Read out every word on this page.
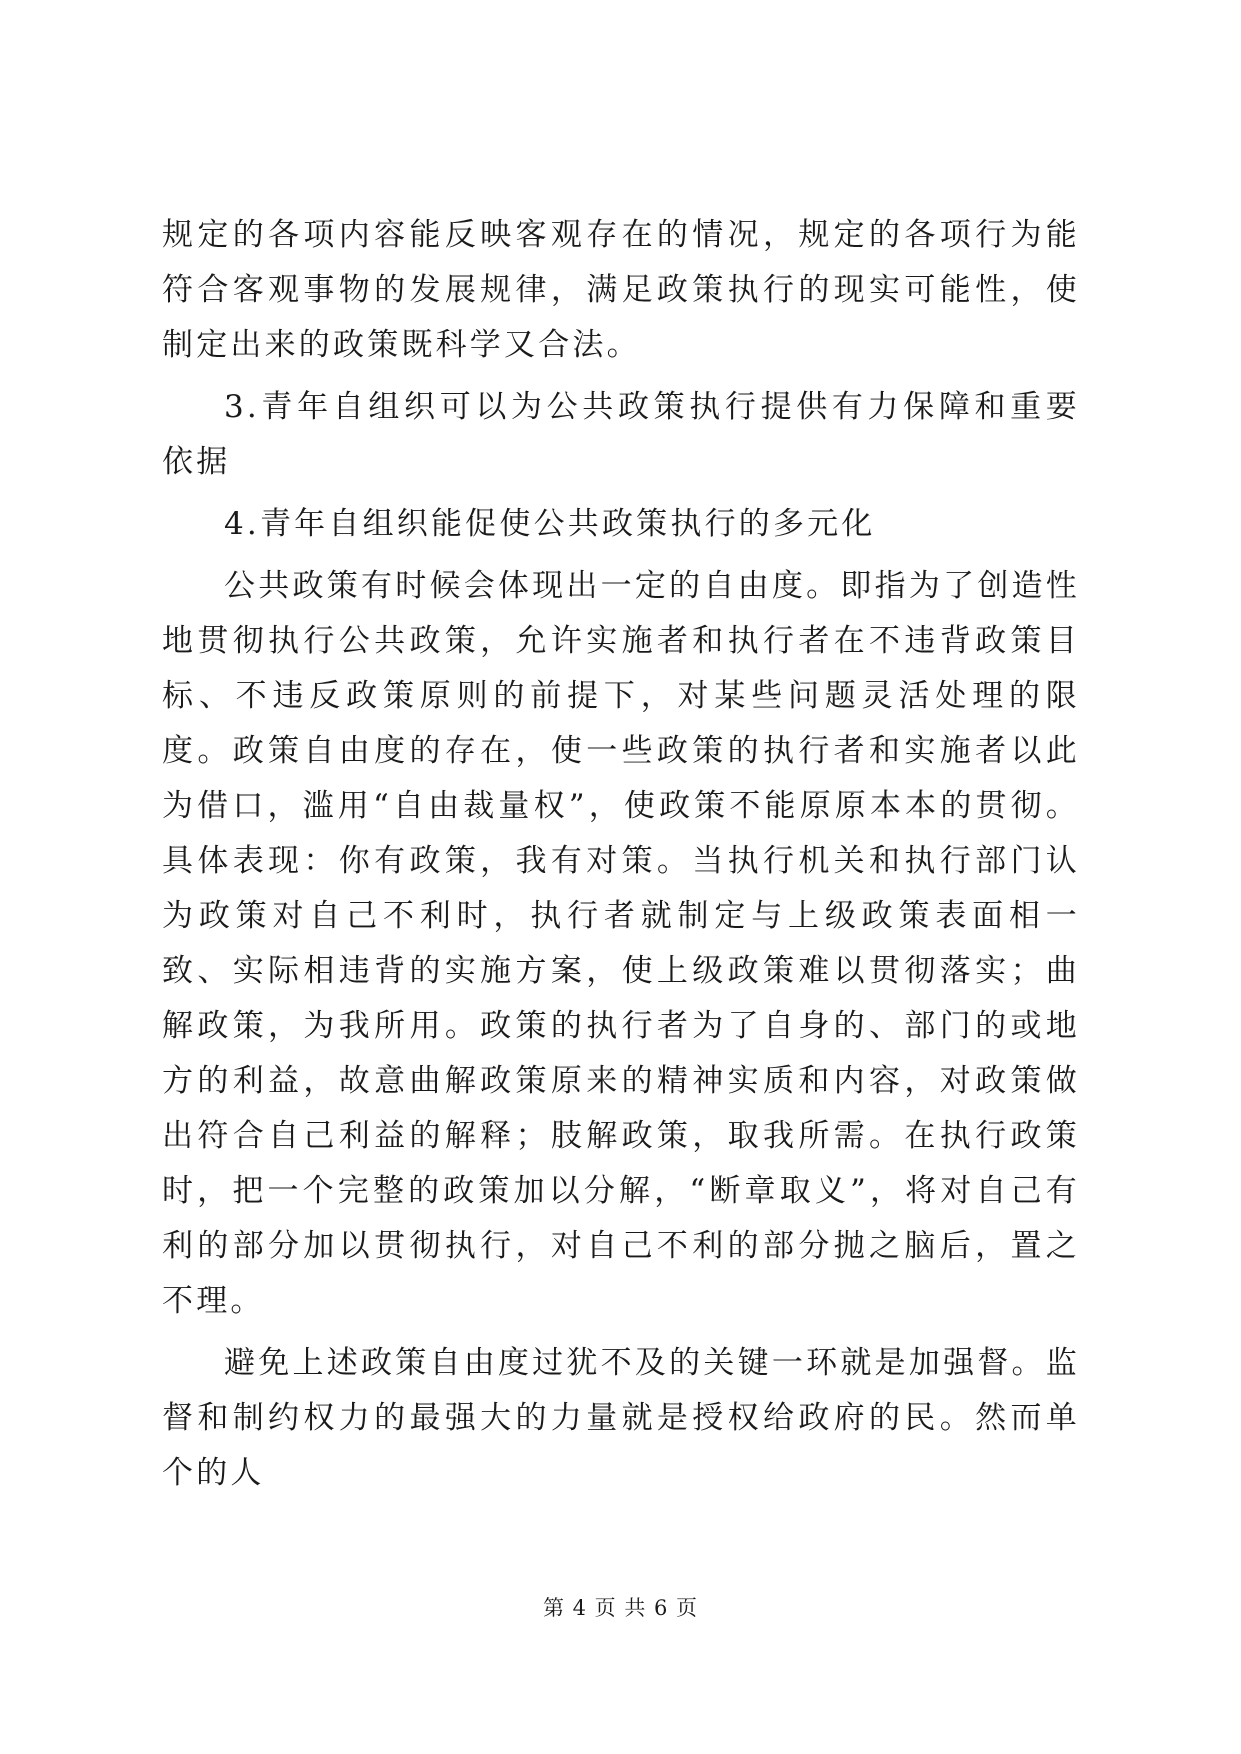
规定的各项内容能反映客观存在的情况，规定的各项行为能符合客观事物的发展规律，满足政策执行的现实可能性，使制定出来的政策既科学又合法。

3.青年自组织可以为公共政策执行提供有力保障和重要依据

4.青年自组织能促使公共政策执行的多元化

公共政策有时候会体现出一定的自由度。即指为了创造性地贯彻执行公共政策，允许实施者和执行者在不违背政策目标、不违反政策原则的前提下，对某些问题灵活处理的限度。政策自由度的存在，使一些政策的执行者和实施者以此为借口，滥用“自由裁量权”，使政策不能原原本本的贯彻。具体表现：你有政策，我有对策。当执行机关和执行部门认为政策对自己不利时，执行者就制定与上级政策表面相一致、实际相违背的实施方案，使上级政策难以贯彻落实；曲解政策，为我所用。政策的执行者为了自身的、部门的或地方的利益，故意曲解政策原来的精神实质和内容，对政策做出符合自己利益的解释；肢解政策，取我所需。在执行政策时，把一个完整的政策加以分解，“断章取义”，将对自己有利的部分加以贯彻执行，对自己不利的部分抛之脑后，置之不理。

避免上述政策自由度过犹不及的关键一环就是加强督。监督和制约权力的最强大的力量就是授权给政府的民。然而单个的人

第 4 页 共 6 页
